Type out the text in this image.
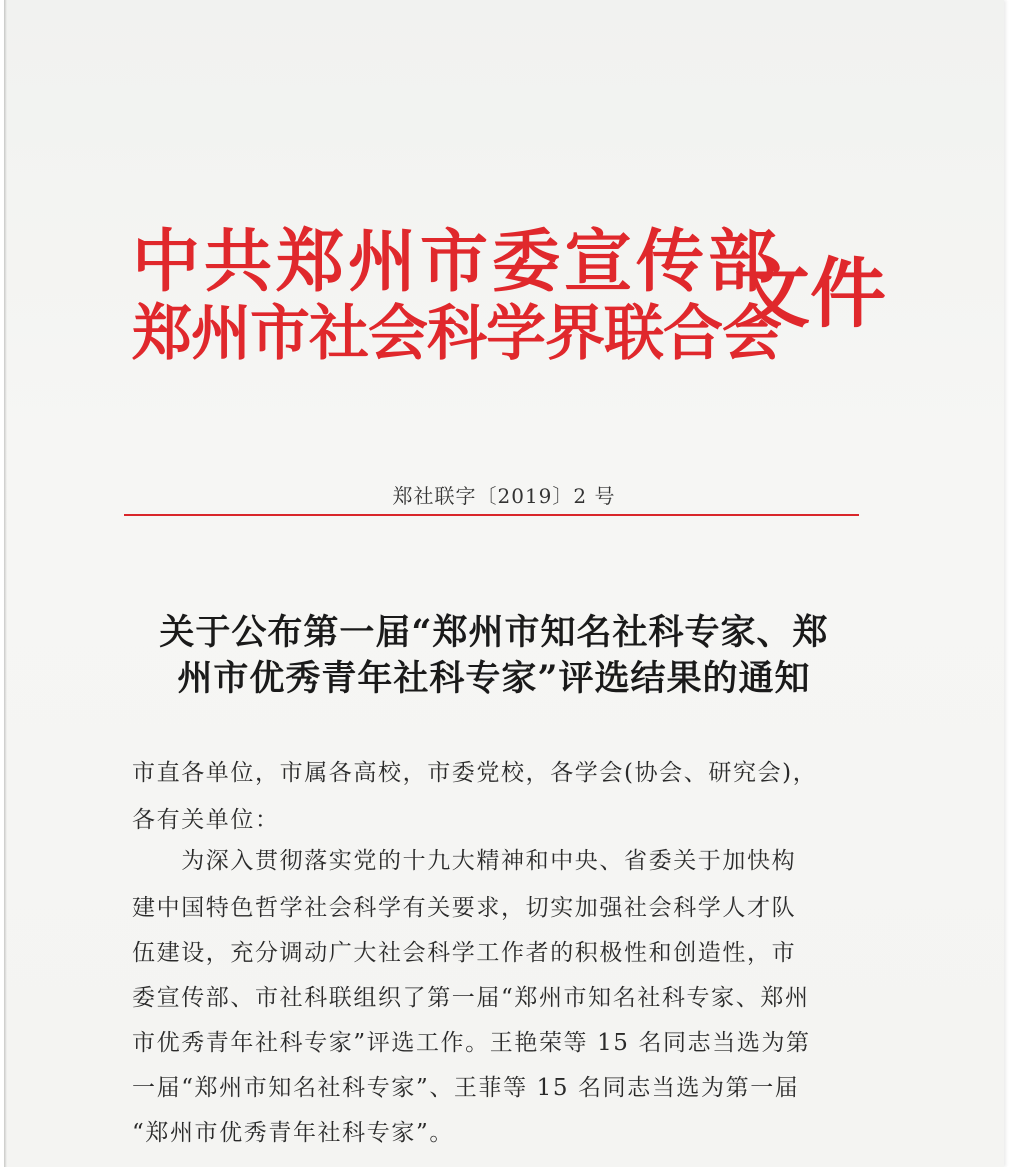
中共郑州市委宣传部
郑州市社会科学界联合会
文件
郑社联字〔2019〕2 号
关于公布第一届“郑州市知名社科专家、郑
州市优秀青年社科专家”评选结果的通知
市直各单位，市属各高校，市委党校，各学会(协会、研究会)，
各有关单位：
　　为深入贯彻落实党的十九大精神和中央、省委关于加快构
建中国特色哲学社会科学有关要求，切实加强社会科学人才队
伍建设，充分调动广大社会科学工作者的积极性和创造性，市
委宣传部、市社科联组织了第一届“郑州市知名社科专家、郑州
市优秀青年社科专家”评选工作。王艳荣等 15 名同志当选为第
一届“郑州市知名社科专家”、王菲等 15 名同志当选为第一届
“郑州市优秀青年社科专家”。
